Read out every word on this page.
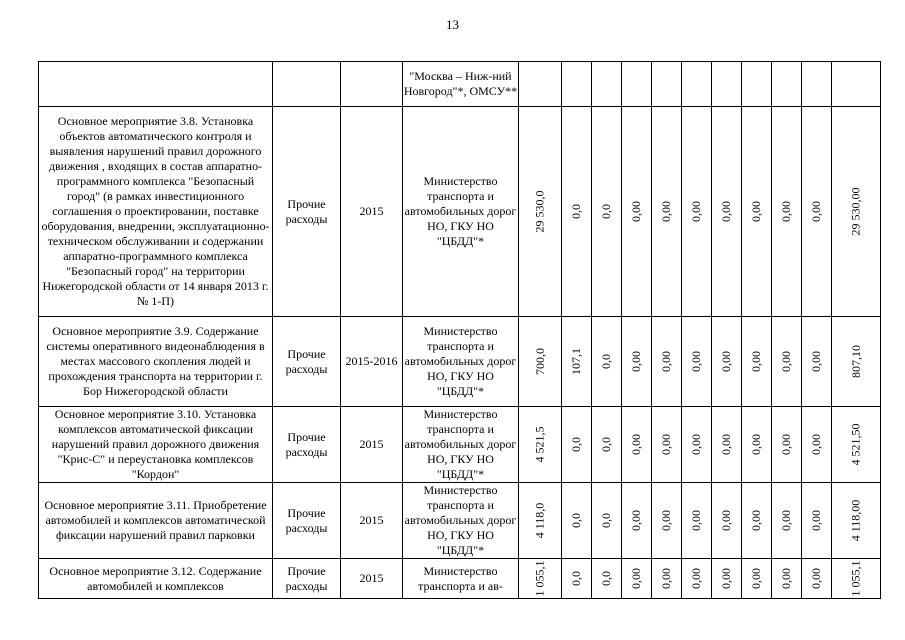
13
			"Москва – Ниж-ний Новгород"*, ОМСУ**											
Основное мероприятие 3.8. Установка объектов автоматического контроля и выявления нарушений правил дорожного движения , входящих в состав аппаратно-программного комплекса "Безопасный город" (в рамках инвестиционного соглашения о проектировании, поставке оборудования, внедрении, эксплуатационно-техническом обслуживании и содержании аппаратно-программного комплекса "Безопасный город" на территории Нижегородской области от 14 января 2013 г. № 1-П)	Прочие расходы	2015	Министерство транспорта и автомобильных дорог НО, ГКУ НО "ЦБДД"*	29 530,0	0,0	0,0	0,00	0,00	0,00	0,00	0,00	0,00	0,00	29 530,00
Основное мероприятие 3.9. Содержание системы оперативного видеонаблюдения в местах массового скопления людей и прохождения транспорта на территории г. Бор Нижегородской области	Прочие расходы	2015-2016	Министерство транспорта и автомобильных дорог НО, ГКУ НО "ЦБДД"*	700,0	107,1	0,0	0,00	0,00	0,00	0,00	0,00	0,00	0,00	807,10
Основное мероприятие 3.10. Установка комплексов автоматической фиксации нарушений правил дорожного движения "Крис-С" и переустановка комплексов "Кордон"	Прочие расходы	2015	Министерство транспорта и автомобильных дорог НО, ГКУ НО "ЦБДД"*	4 521,5	0,0	0,0	0,00	0,00	0,00	0,00	0,00	0,00	0,00	4 521,50
Основное мероприятие 3.11. Приобретение автомобилей и комплексов автоматической фиксации нарушений правил парковки	Прочие расходы	2015	Министерство транспорта и автомобильных дорог НО, ГКУ НО "ЦБДД"*	4 118,0	0,0	0,0	0,00	0,00	0,00	0,00	0,00	0,00	0,00	4 118,00
Основное мероприятие 3.12. Содержание автомобилей и комплексов	Прочие расходы	2015	Министерство транспорта и ав-	1 055,1	0,0	0,0	0,00	0,00	0,00	0,00	0,00	0,00	0,00	1 055,1
